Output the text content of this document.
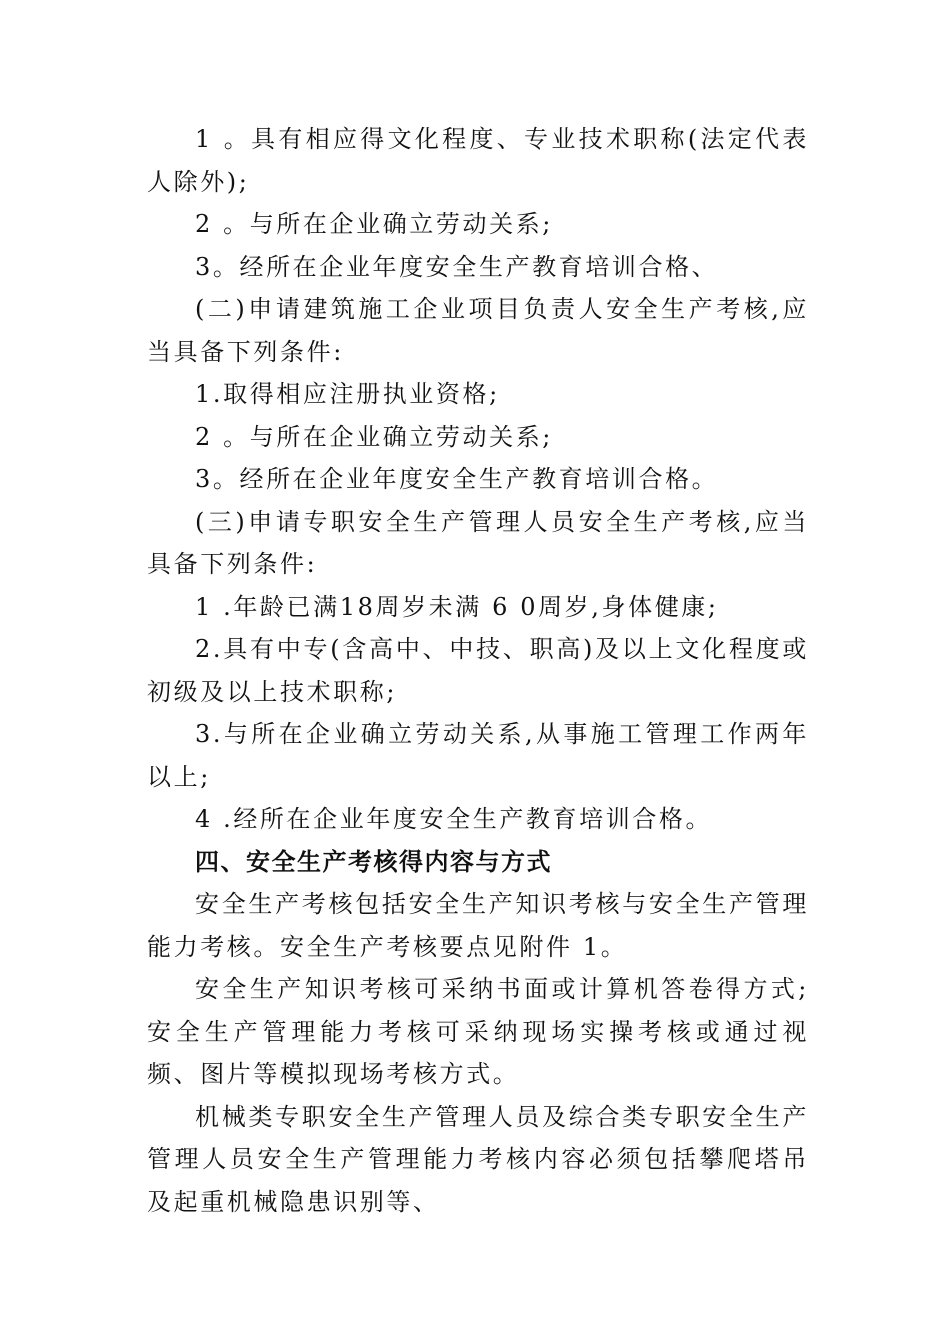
1 。具有相应得文化程度、专业技术职称(法定代表人除外);

2 。与所在企业确立劳动关系;

3。经所在企业年度安全生产教育培训合格、

(二)申请建筑施工企业项目负责人安全生产考核,应当具备下列条件:

1.取得相应注册执业资格;

2 。与所在企业确立劳动关系;

3。经所在企业年度安全生产教育培训合格。

(三)申请专职安全生产管理人员安全生产考核,应当具备下列条件:

1 .年龄已满18周岁未满 6 0周岁,身体健康;

2.具有中专(含高中、中技、职高)及以上文化程度或初级及以上技术职称;

3.与所在企业确立劳动关系,从事施工管理工作两年以上;

4 .经所在企业年度安全生产教育培训合格。

四、安全生产考核得内容与方式

安全生产考核包括安全生产知识考核与安全生产管理能力考核。安全生产考核要点见附件 1。

安全生产知识考核可采纳书面或计算机答卷得方式;安全生产管理能力考核可采纳现场实操考核或通过视频、图片等模拟现场考核方式。

机械类专职安全生产管理人员及综合类专职安全生产管理人员安全生产管理能力考核内容必须包括攀爬塔吊及起重机械隐患识别等、
